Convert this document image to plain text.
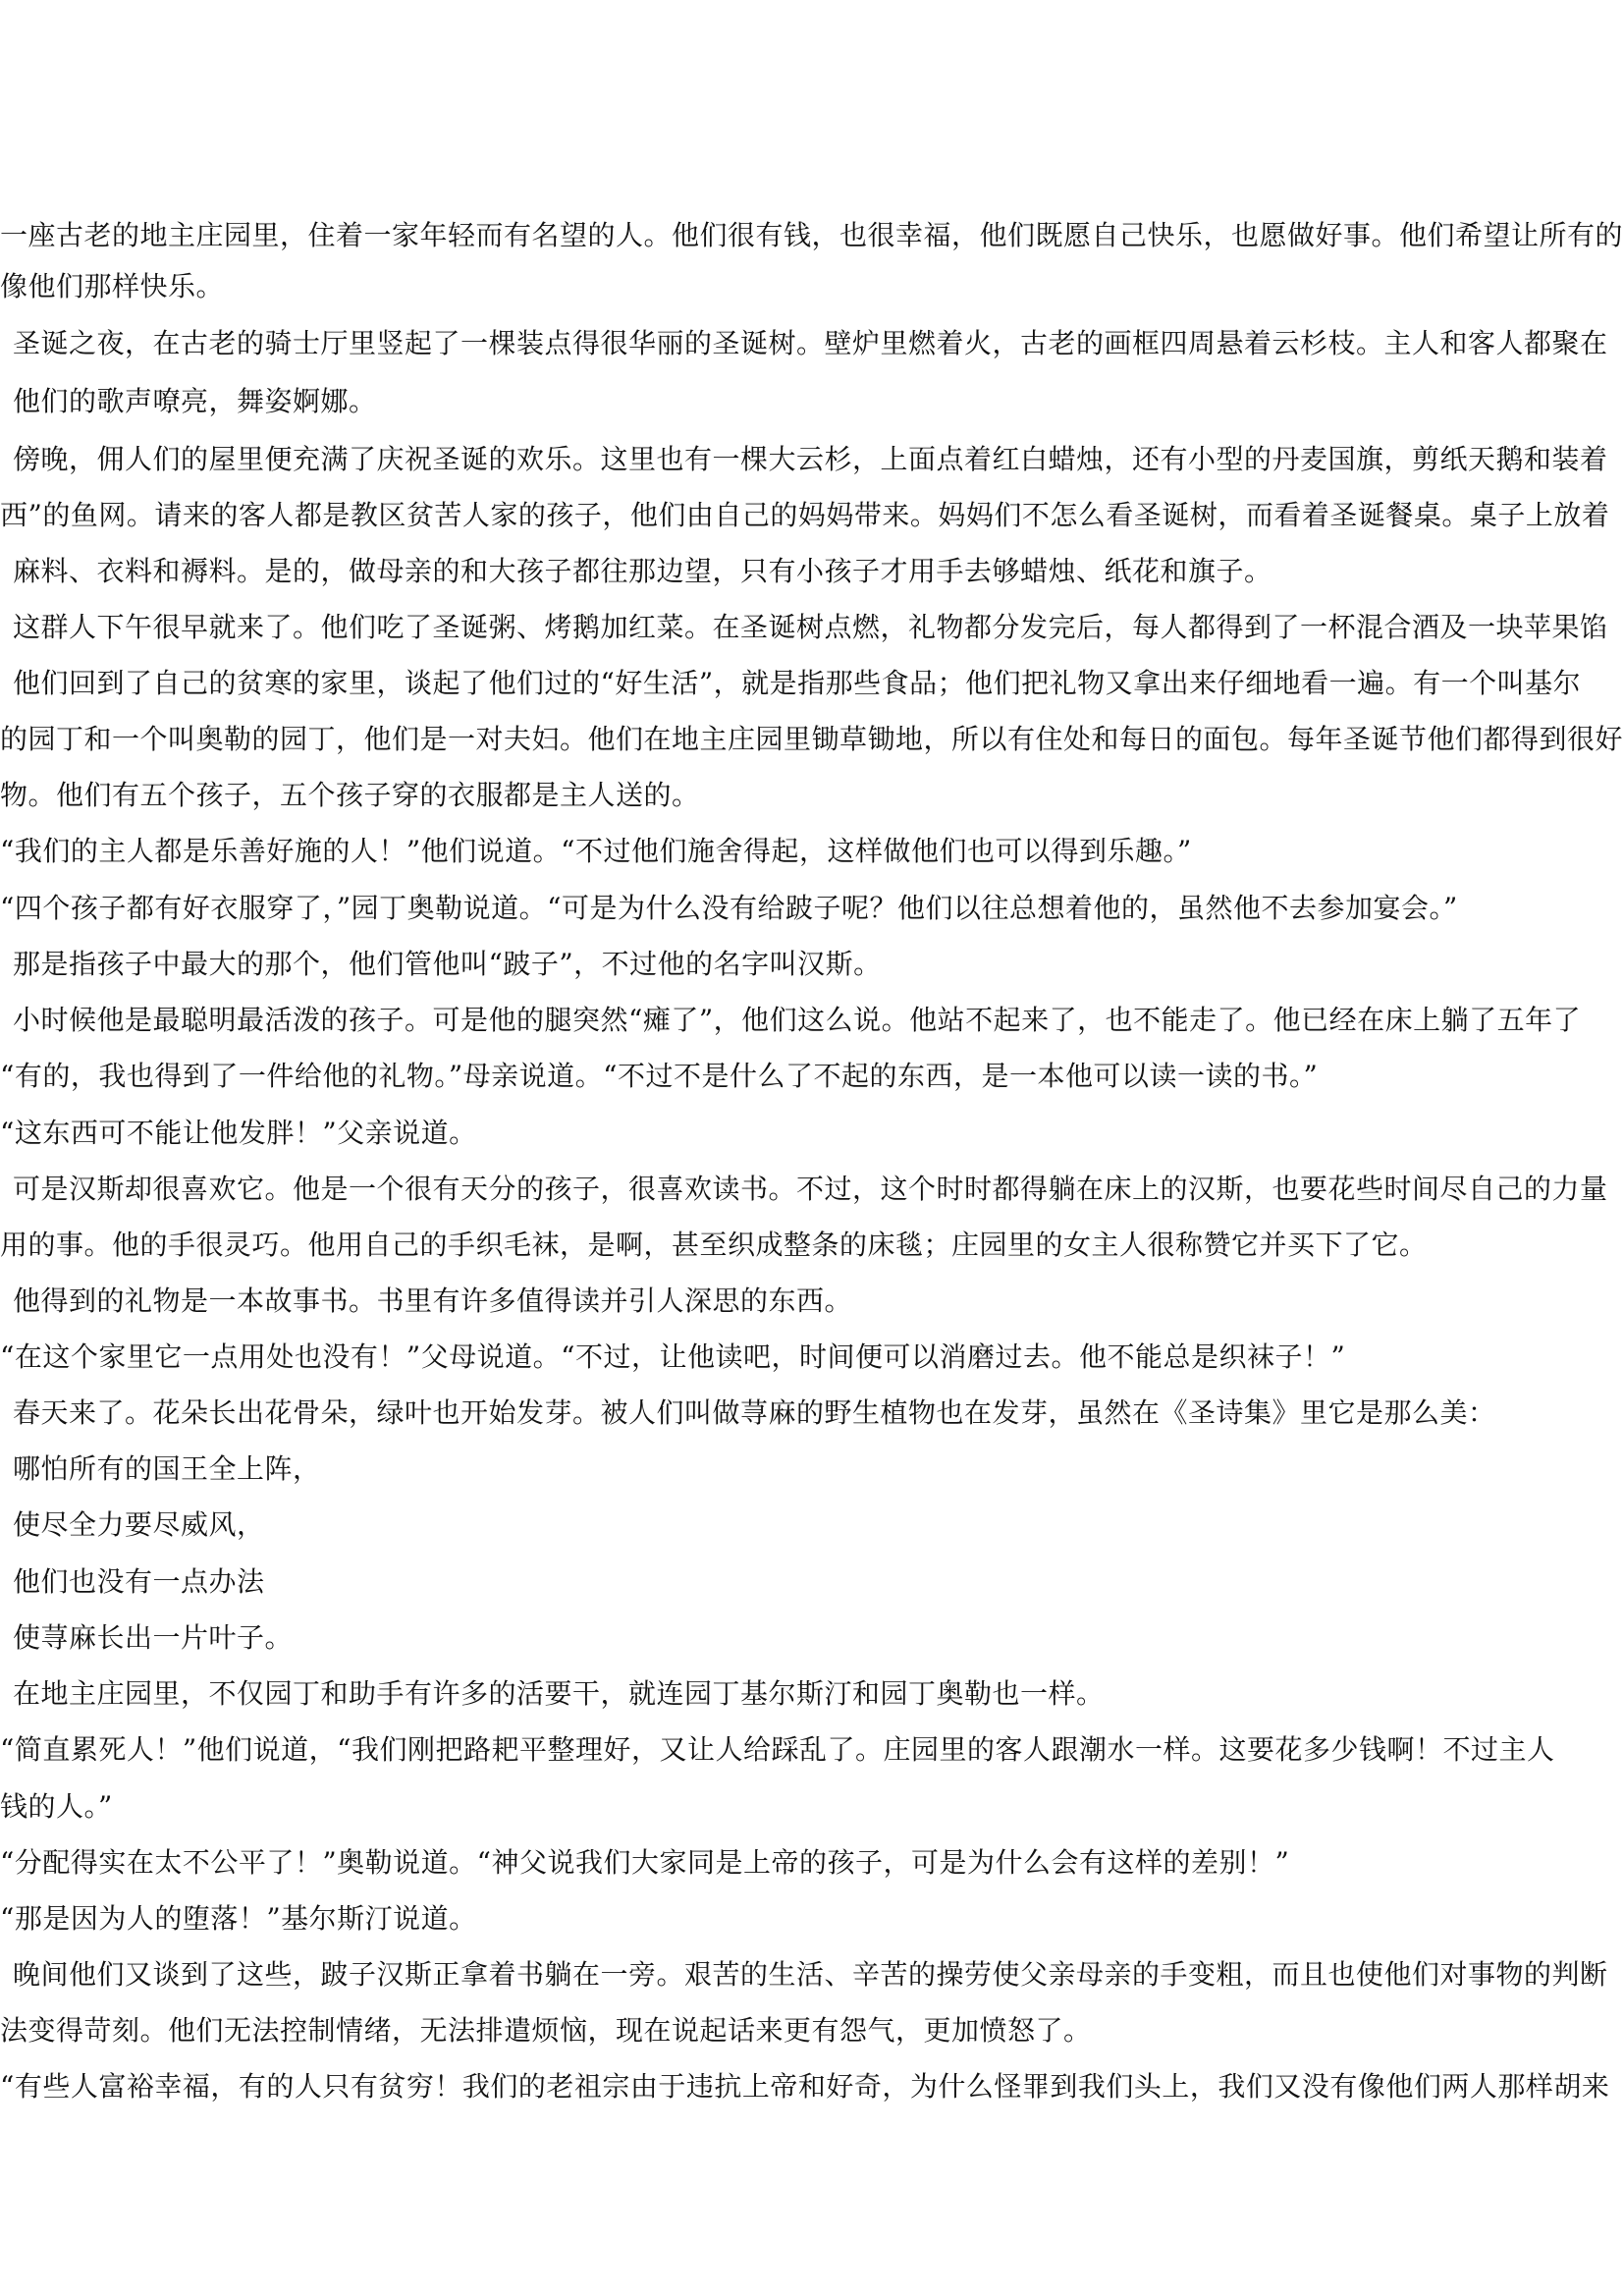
一座古老的地主庄园里，住着一家年轻而有名望的人。他们很有钱，也很幸福，他们既愿自己快乐，也愿做好事。他们希望让所有的
像他们那样快乐。
圣诞之夜，在古老的骑士厅里竖起了一棵装点得很华丽的圣诞树。壁炉里燃着火，古老的画框四周悬着云杉枝。主人和客人都聚在
他们的歌声嘹亮，舞姿婀娜。
傍晚，佣人们的屋里便充满了庆祝圣诞的欢乐。这里也有一棵大云杉，上面点着红白蜡烛，还有小型的丹麦国旗，剪纸天鹅和装着
西”的鱼网。请来的客人都是教区贫苦人家的孩子，他们由自己的妈妈带来。妈妈们不怎么看圣诞树，而看着圣诞餐桌。桌子上放着
麻料、衣料和褥料。是的，做母亲的和大孩子都往那边望，只有小孩子才用手去够蜡烛、纸花和旗子。
这群人下午很早就来了。他们吃了圣诞粥、烤鹅加红菜。在圣诞树点燃，礼物都分发完后，每人都得到了一杯混合酒及一块苹果馅
他们回到了自己的贫寒的家里，谈起了他们过的“好生活”，就是指那些食品；他们把礼物又拿出来仔细地看一遍。有一个叫基尔
的园丁和一个叫奥勒的园丁，他们是一对夫妇。他们在地主庄园里锄草锄地，所以有住处和每日的面包。每年圣诞节他们都得到很好
物。他们有五个孩子，五个孩子穿的衣服都是主人送的。
“我们的主人都是乐善好施的人！”他们说道。“不过他们施舍得起，这样做他们也可以得到乐趣。”
“四个孩子都有好衣服穿了，”园丁奥勒说道。“可是为什么没有给跛子呢？他们以往总想着他的，虽然他不去参加宴会。”
那是指孩子中最大的那个，他们管他叫“跛子”，不过他的名字叫汉斯。
小时候他是最聪明最活泼的孩子。可是他的腿突然“瘫了”，他们这么说。他站不起来了，也不能走了。他已经在床上躺了五年了
“有的，我也得到了一件给他的礼物。”母亲说道。“不过不是什么了不起的东西，是一本他可以读一读的书。”
“这东西可不能让他发胖！”父亲说道。
可是汉斯却很喜欢它。他是一个很有天分的孩子，很喜欢读书。不过，这个时时都得躺在床上的汉斯，也要花些时间尽自己的力量
用的事。他的手很灵巧。他用自己的手织毛袜，是啊，甚至织成整条的床毯；庄园里的女主人很称赞它并买下了它。
他得到的礼物是一本故事书。书里有许多值得读并引人深思的东西。
“在这个家里它一点用处也没有！”父母说道。“不过，让他读吧，时间便可以消磨过去。他不能总是织袜子！”
春天来了。花朵长出花骨朵，绿叶也开始发芽。被人们叫做荨麻的野生植物也在发芽，虽然在《圣诗集》里它是那么美：
哪怕所有的国王全上阵，
使尽全力要尽威风，
他们也没有一点办法
使荨麻长出一片叶子。
在地主庄园里，不仅园丁和助手有许多的活要干，就连园丁基尔斯汀和园丁奥勒也一样。
“简直累死人！”他们说道，“我们刚把路耙平整理好，又让人给踩乱了。庄园里的客人跟潮水一样。这要花多少钱啊！不过主人
钱的人。”
“分配得实在太不公平了！”奥勒说道。“神父说我们大家同是上帝的孩子，可是为什么会有这样的差别！”
“那是因为人的堕落！”基尔斯汀说道。
晚间他们又谈到了这些，跛子汉斯正拿着书躺在一旁。艰苦的生活、辛苦的操劳使父亲母亲的手变粗，而且也使他们对事物的判断
法变得苛刻。他们无法控制情绪，无法排遣烦恼，现在说起话来更有怨气，更加愤怒了。
“有些人富裕幸福，有的人只有贫穷！我们的老祖宗由于违抗上帝和好奇，为什么怪罪到我们头上，我们又没有像他们两人那样胡来
